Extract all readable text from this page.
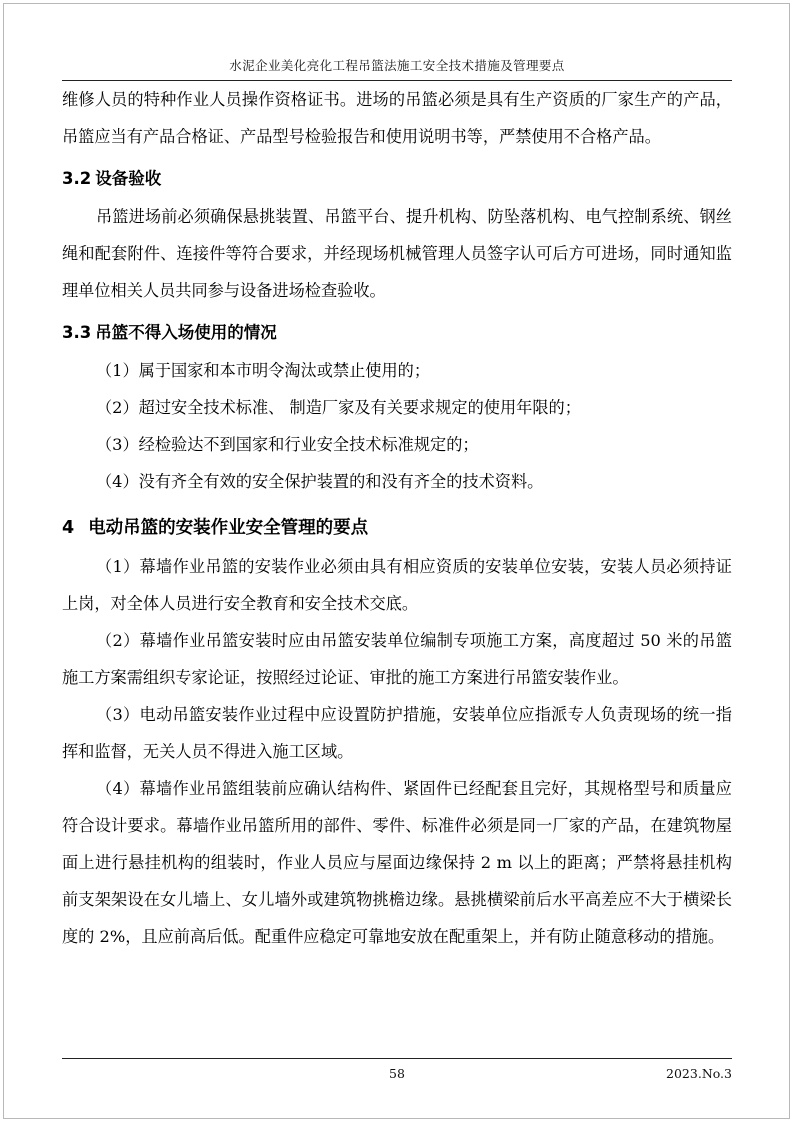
水泥企业美化亮化工程吊篮法施工安全技术措施及管理要点

维修人员的特种作业人员操作资格证书。进场的吊篮必须是具有生产资质的厂家生产的产品，吊篮应当有产品合格证、产品型号检验报告和使用说明书等，严禁使用不合格产品。

3.2 设备验收

吊篮进场前必须确保悬挑装置、吊篮平台、提升机构、防坠落机构、电气控制系统、钢丝绳和配套附件、连接件等符合要求，并经现场机械管理人员签字认可后方可进场，同时通知监理单位相关人员共同参与设备进场检查验收。

3.3 吊篮不得入场使用的情况

（1）属于国家和本市明令淘汰或禁止使用的；

（2）超过安全技术标准、 制造厂家及有关要求规定的使用年限的；

（3）经检验达不到国家和行业安全技术标准规定的；

（4）没有齐全有效的安全保护装置的和没有齐全的技术资料。

4 电动吊篮的安装作业安全管理的要点

（1）幕墙作业吊篮的安装作业必须由具有相应资质的安装单位安装，安装人员必须持证上岗，对全体人员进行安全教育和安全技术交底。

（2）幕墙作业吊篮安装时应由吊篮安装单位编制专项施工方案，高度超过 50 米的吊篮施工方案需组织专家论证，按照经过论证、审批的施工方案进行吊篮安装作业。

（3）电动吊篮安装作业过程中应设置防护措施，安装单位应指派专人负责现场的统一指挥和监督，无关人员不得进入施工区域。

（4）幕墙作业吊篮组装前应确认结构件、紧固件已经配套且完好，其规格型号和质量应符合设计要求。幕墙作业吊篮所用的部件、零件、标准件必须是同一厂家的产品，在建筑物屋面上进行悬挂机构的组装时，作业人员应与屋面边缘保持 2 m 以上的距离；严禁将悬挂机构前支架架设在女儿墙上、女儿墙外或建筑物挑檐边缘。悬挑横梁前后水平高差应不大于横梁长度的 2%，且应前高后低。配重件应稳定可靠地安放在配重架上，并有防止随意移动的措施。

58	2023.No.3
